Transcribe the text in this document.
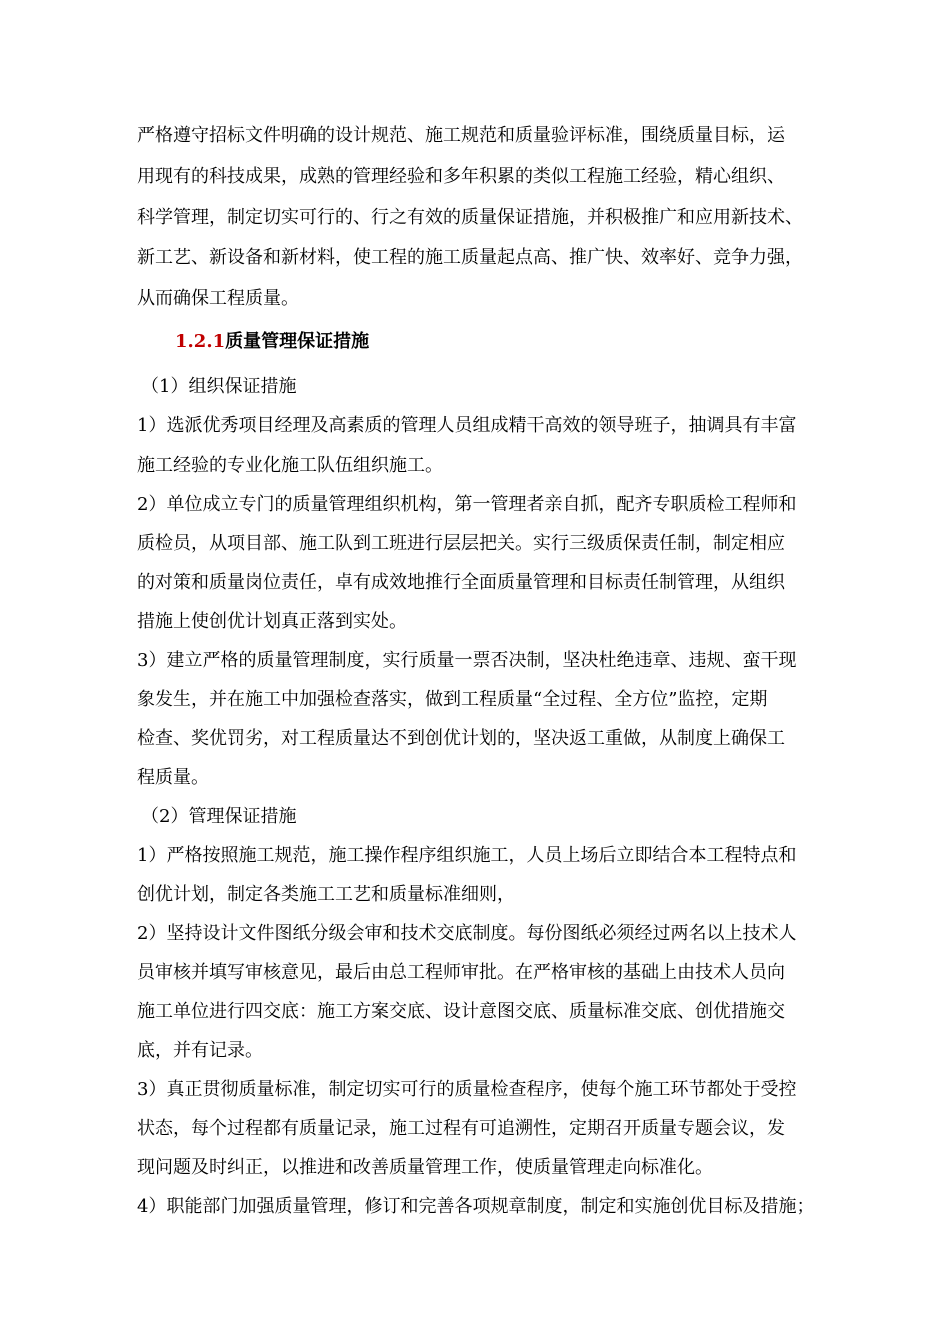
严格遵守招标文件明确的设计规范、施工规范和质量验评标准，围绕质量目标，运
用现有的科技成果，成熟的管理经验和多年积累的类似工程施工经验，精心组织、
科学管理，制定切实可行的、行之有效的质量保证措施，并积极推广和应用新技术、
新工艺、新设备和新材料，使工程的施工质量起点高、推广快、效率好、竞争力强，
从而确保工程质量。
1.2.1质量管理保证措施
（1）组织保证措施
1）选派优秀项目经理及高素质的管理人员组成精干高效的领导班子，抽调具有丰富
施工经验的专业化施工队伍组织施工。
2）单位成立专门的质量管理组织机构，第一管理者亲自抓，配齐专职质检工程师和
质检员，从项目部、施工队到工班进行层层把关。实行三级质保责任制，制定相应
的对策和质量岗位责任，卓有成效地推行全面质量管理和目标责任制管理，从组织
措施上使创优计划真正落到实处。
3）建立严格的质量管理制度，实行质量一票否决制，坚决杜绝违章、违规、蛮干现
象发生，并在施工中加强检查落实，做到工程质量“全过程、全方位”监控，定期
检查、奖优罚劣，对工程质量达不到创优计划的，坚决返工重做，从制度上确保工
程质量。
（2）管理保证措施
1）严格按照施工规范，施工操作程序组织施工，人员上场后立即结合本工程特点和
创优计划，制定各类施工工艺和质量标准细则，
2）坚持设计文件图纸分级会审和技术交底制度。每份图纸必须经过两名以上技术人
员审核并填写审核意见，最后由总工程师审批。在严格审核的基础上由技术人员向
施工单位进行四交底：施工方案交底、设计意图交底、质量标准交底、创优措施交
底，并有记录。
3）真正贯彻质量标准，制定切实可行的质量检查程序，使每个施工环节都处于受控
状态，每个过程都有质量记录，施工过程有可追溯性，定期召开质量专题会议，发
现问题及时纠正，以推进和改善质量管理工作，使质量管理走向标准化。
4）职能部门加强质量管理，修订和完善各项规章制度，制定和实施创优目标及措施；
